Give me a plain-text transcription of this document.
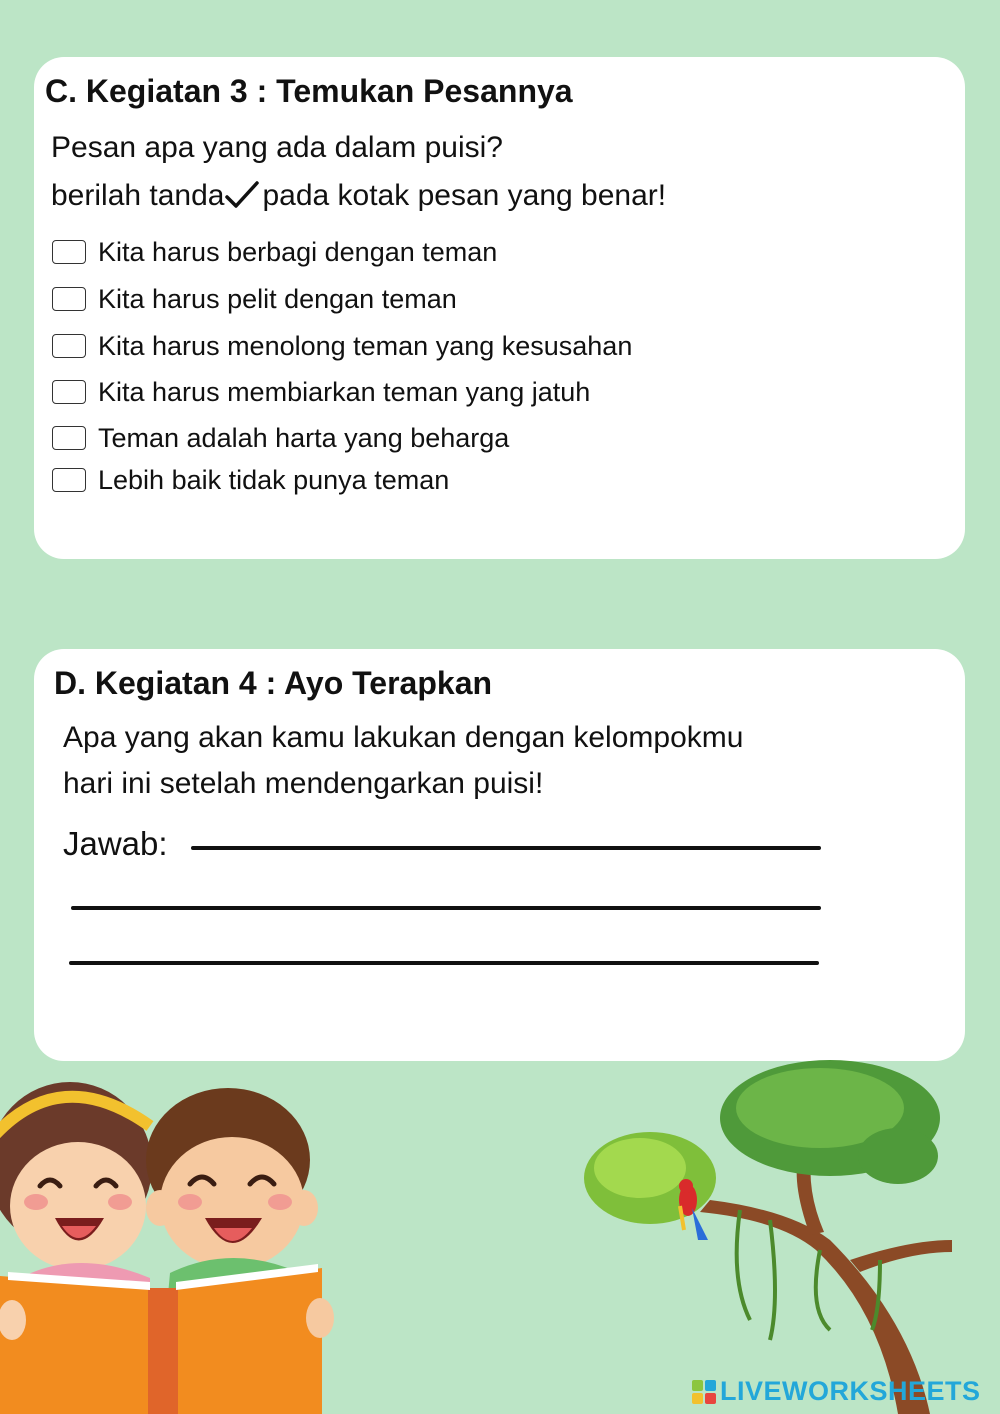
C. Kegiatan 3 : Temukan Pesannya
Pesan apa yang ada dalam puisi?
berilah tanda pada kotak pesan yang benar!
Kita harus berbagi dengan teman
Kita harus pelit dengan teman
Kita harus menolong teman yang kesusahan
Kita harus membiarkan teman yang jatuh
Teman adalah harta yang beharga
Lebih baik tidak punya teman
D. Kegiatan 4 : Ayo Terapkan
Apa yang akan kamu lakukan dengan kelompokmu
hari ini setelah mendengarkan puisi!
Jawab:
LIVEWORKSHEETS
